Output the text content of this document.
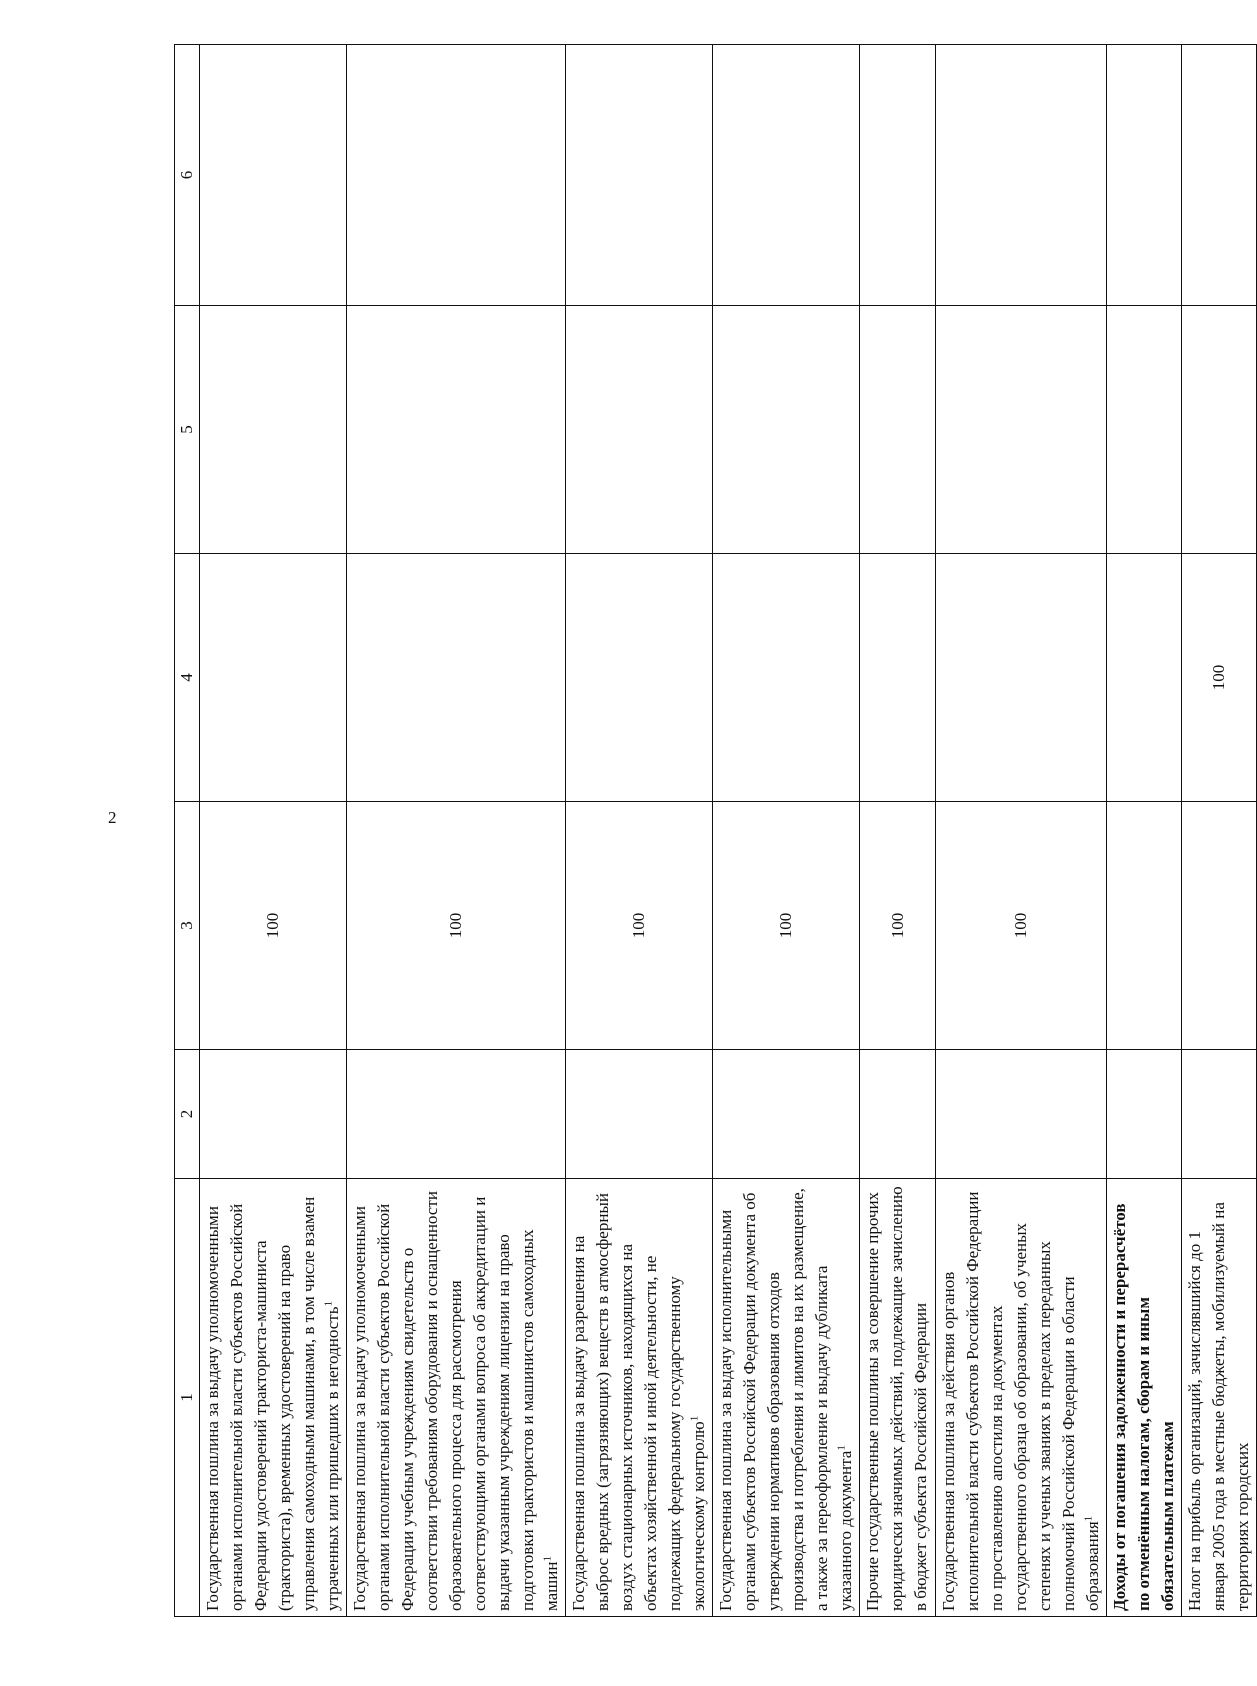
2
1	2	3	4	5	6
Государственная пошлина за выдачу уполномоченными органами исполнительной власти субъектов Российской Федерации удостоверений тракториста-машиниста (тракториста), временных удостоверений на право управления самоходными машинами, в том числе взамен утраченных или пришедших в негодность$^1$		100			
Государственная пошлина за выдачу уполномоченными органами исполнительной власти субъектов Российской Федерации учебным учреждениям свидетельств о соответствии требованиям оборудования и оснащенности образовательного процесса для рассмотрения соответствующими органами вопроса об аккредитации и выдачи указанным учреждениям лицензии на право подготовки трактористов и машинистов самоходных машин$^1$		100			
Государственная пошлина за выдачу разрешения на выброс вредных (загрязняющих) веществ в атмосферный воздух стационарных источников, находящихся на объектах хозяйственной и иной деятельности, не подлежащих федеральному государственному экологическому контролю$^1$		100			
Государственная пошлина за выдачу исполнительными органами субъектов Российской Федерации документа об утверждении нормативов образования отходов производства и потребления и лимитов на их размещение, а также за переоформление и выдачу дубликата указанного документа$^1$		100			
Прочие государственные пошлины за совершение прочих юридически значимых действий, подлежащие зачислению в бюджет субъекта Российской Федерации		100			
Государственная пошлина за действия органов исполнительной власти субъектов Российской Федерации по проставлению апостиля на документах государственного образца об образовании, об ученых степенях и ученых званиях в пределах переданных полномочий Российской Федерации в области образования$^1$		100			
Доходы от погашения задолженности и перерасчётов по отменённым налогам, сборам и иным обязательным платежам					
Налог на прибыль организаций, зачислявшийся до 1 января 2005 года в местные бюджеты, мобилизуемый на территориях городских			100		
